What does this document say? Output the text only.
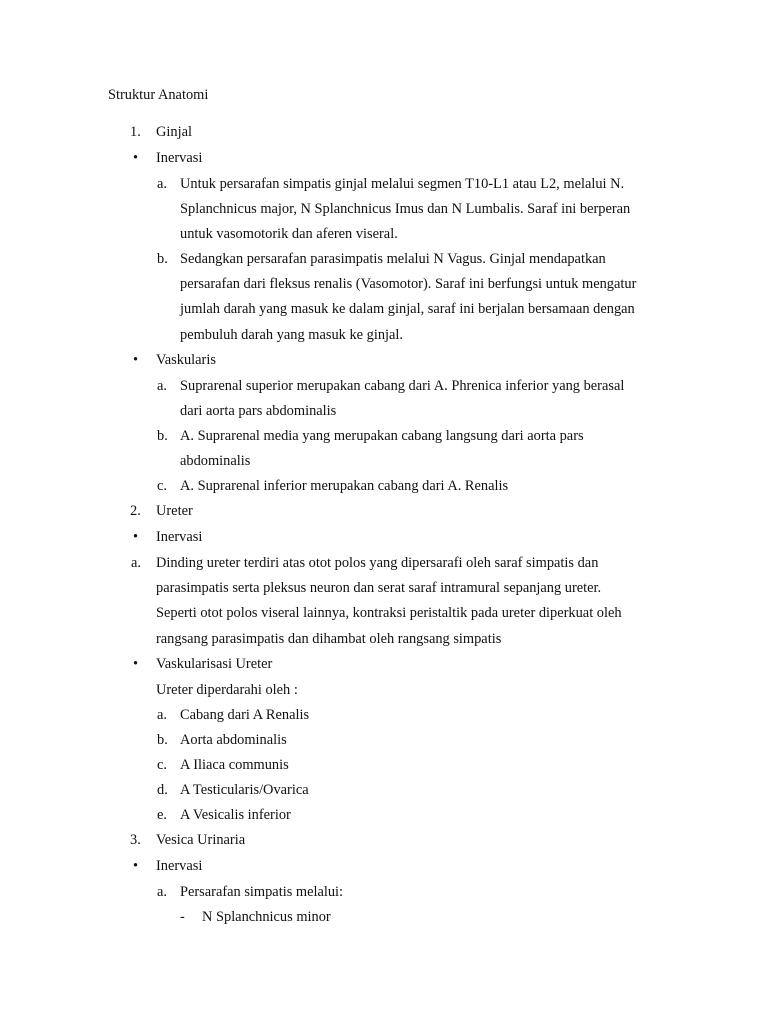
Struktur Anatomi
1. Ginjal
• Inervasi
a. Untuk persarafan simpatis ginjal melalui segmen T10-L1 atau L2, melalui N.
Splanchnicus major, N Splanchnicus Imus dan N Lumbalis. Saraf ini berperan
untuk vasomotorik dan aferen viseral.
b. Sedangkan persarafan parasimpatis melalui N Vagus. Ginjal mendapatkan
persarafan dari fleksus renalis (Vasomotor). Saraf ini berfungsi untuk mengatur
jumlah darah yang masuk ke dalam ginjal, saraf ini berjalan bersamaan dengan
pembuluh darah yang masuk ke ginjal.
• Vaskularis
a. Suprarenal superior merupakan cabang dari A. Phrenica inferior yang berasal
dari aorta pars abdominalis
b. A. Suprarenal media yang merupakan cabang langsung dari aorta pars
abdominalis
c. A. Suprarenal inferior merupakan cabang dari A. Renalis
2. Ureter
• Inervasi
a. Dinding ureter terdiri atas otot polos yang dipersarafi oleh saraf simpatis dan
parasimpatis serta pleksus neuron dan serat saraf intramural sepanjang ureter.
Seperti otot polos viseral lainnya, kontraksi peristaltik pada ureter diperkuat oleh
rangsang parasimpatis dan dihambat oleh rangsang simpatis
• Vaskularisasi Ureter
Ureter diperdarahi oleh :
a. Cabang dari A Renalis
b. Aorta abdominalis
c. A Iliaca communis
d. A Testicularis/Ovarica
e. A Vesicalis inferior
3. Vesica Urinaria
• Inervasi
a. Persarafan simpatis melalui:
- N Splanchnicus minor
